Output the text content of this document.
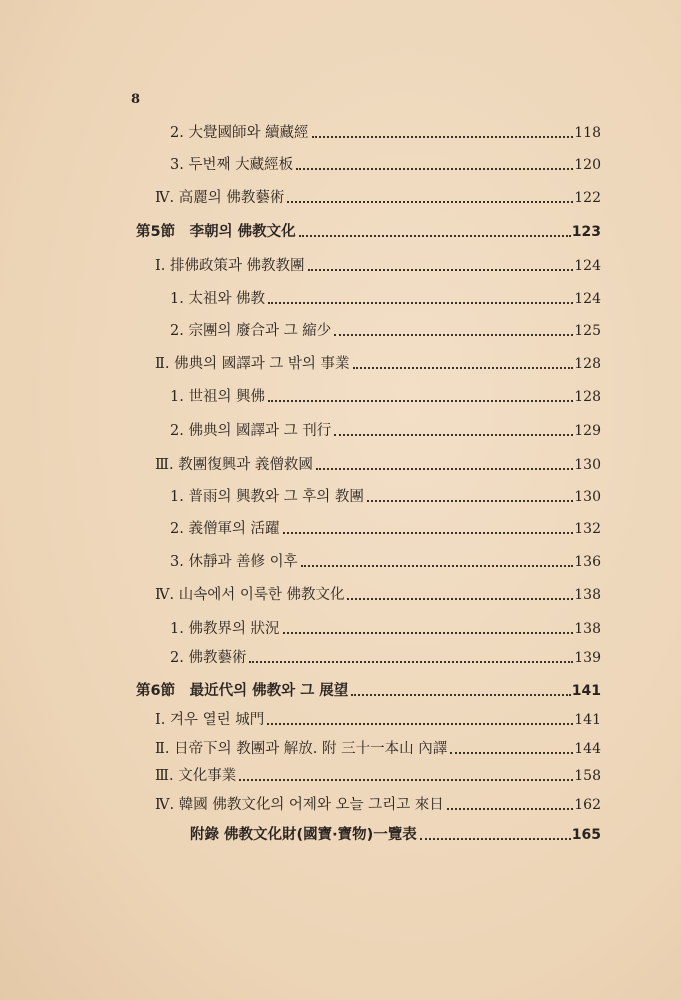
8
2. 大覺國師와 續藏經	118
3. 두번째 大藏經板	120
Ⅳ. 高麗의 佛教藝術	122
第5節　李朝의 佛教文化	123
Ⅰ. 排佛政策과 佛教教團	124
1. 太祖와 佛教	124
2. 宗團의 廢合과 그 縮少	125
Ⅱ. 佛典의 國譯과 그 밖의 事業	128
1. 世祖의 興佛	128
2. 佛典의 國譯과 그 刊行	129
Ⅲ. 教團復興과 義僧救國	130
1. 普雨의 興教와 그 후의 教團	130
2. 義僧軍의 活躍	132
3. 休靜과 善修 이후	136
Ⅳ. 山속에서 이룩한 佛教文化	138
1. 佛教界의 狀況	138
2. 佛教藝術	139
第6節　最近代의 佛教와 그 展望	141
Ⅰ. 겨우 열린 城門	141
Ⅱ. 日帝下의 教團과 解放. 附 三十一本山 內譯	144
Ⅲ. 文化事業	158
Ⅳ. 韓國 佛教文化의 어제와 오늘 그리고 來日	162
附錄 佛教文化財(國寶·寶物)一覽表	165
